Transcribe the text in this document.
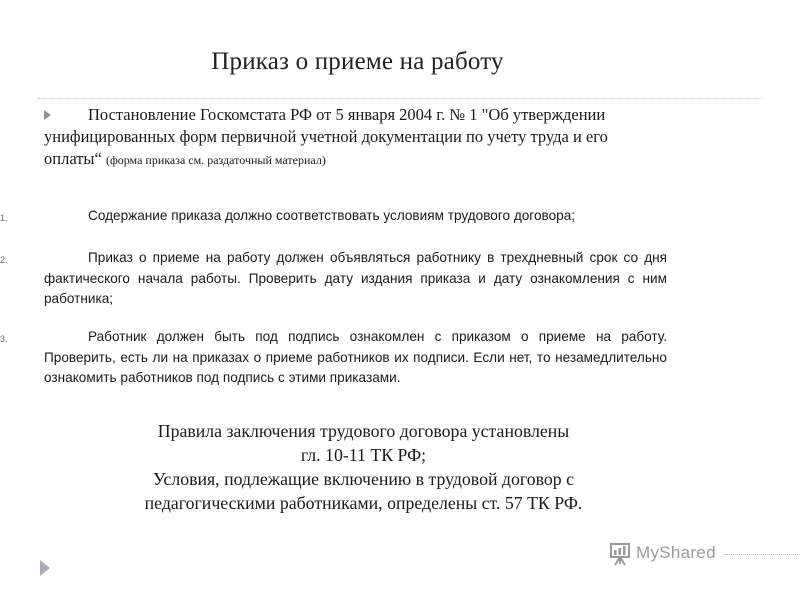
Приказ о приеме на работу
Постановление Госкомстата РФ от 5 января 2004 г. № 1 "Об утверждении унифицированных форм первичной учетной документации по учету труда и его оплаты“ (форма приказа см. раздаточный материал)
1.	Содержание приказа должно соответствовать условиям трудового договора;
2.	Приказ о приеме на работу должен объявляться работнику в трехдневный срок со дня фактического начала работы. Проверить дату издания приказа и дату ознакомления с ним работника;
3.	Работник должен быть под подпись ознакомлен с приказом о приеме на работу. Проверить, есть ли на приказах о приеме работников их подписи. Если нет, то незамедлительно ознакомить работников под подпись с этими приказами.
Правила заключения трудового договора установлены
гл. 10-11 ТК РФ;
Условия, подлежащие включению в трудовой договор с
педагогическими работниками, определены ст. 57 ТК РФ.
MyShared
